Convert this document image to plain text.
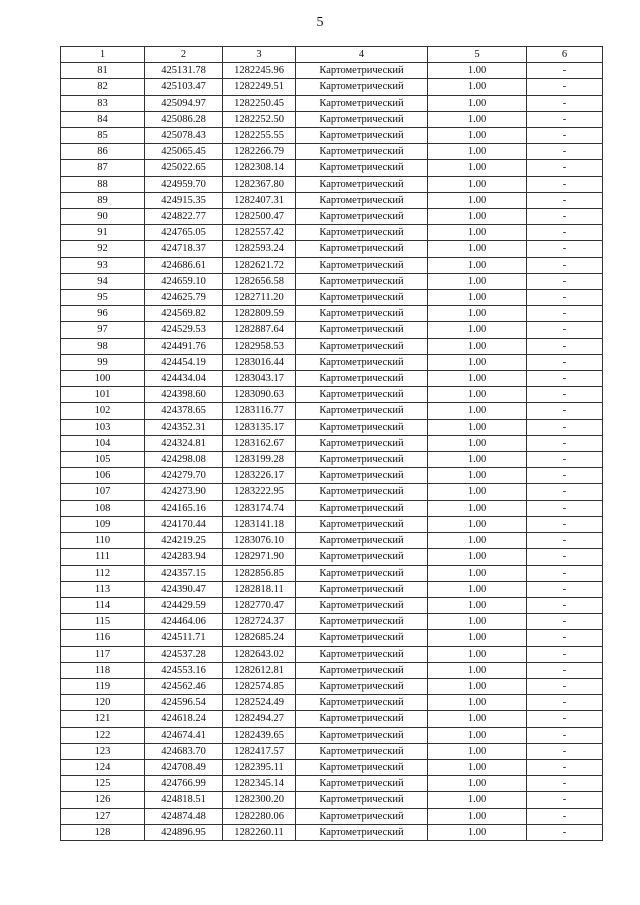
5
1	2	3	4	5	6
81	425131.78	1282245.96	Картометрический	1.00	-
82	425103.47	1282249.51	Картометрический	1.00	-
83	425094.97	1282250.45	Картометрический	1.00	-
84	425086.28	1282252.50	Картометрический	1.00	-
85	425078.43	1282255.55	Картометрический	1.00	-
86	425065.45	1282266.79	Картометрический	1.00	-
87	425022.65	1282308.14	Картометрический	1.00	-
88	424959.70	1282367.80	Картометрический	1.00	-
89	424915.35	1282407.31	Картометрический	1.00	-
90	424822.77	1282500.47	Картометрический	1.00	-
91	424765.05	1282557.42	Картометрический	1.00	-
92	424718.37	1282593.24	Картометрический	1.00	-
93	424686.61	1282621.72	Картометрический	1.00	-
94	424659.10	1282656.58	Картометрический	1.00	-
95	424625.79	1282711.20	Картометрический	1.00	-
96	424569.82	1282809.59	Картометрический	1.00	-
97	424529.53	1282887.64	Картометрический	1.00	-
98	424491.76	1282958.53	Картометрический	1.00	-
99	424454.19	1283016.44	Картометрический	1.00	-
100	424434.04	1283043.17	Картометрический	1.00	-
101	424398.60	1283090.63	Картометрический	1.00	-
102	424378.65	1283116.77	Картометрический	1.00	-
103	424352.31	1283135.17	Картометрический	1.00	-
104	424324.81	1283162.67	Картометрический	1.00	-
105	424298.08	1283199.28	Картометрический	1.00	-
106	424279.70	1283226.17	Картометрический	1.00	-
107	424273.90	1283222.95	Картометрический	1.00	-
108	424165.16	1283174.74	Картометрический	1.00	-
109	424170.44	1283141.18	Картометрический	1.00	-
110	424219.25	1283076.10	Картометрический	1.00	-
111	424283.94	1282971.90	Картометрический	1.00	-
112	424357.15	1282856.85	Картометрический	1.00	-
113	424390.47	1282818.11	Картометрический	1.00	-
114	424429.59	1282770.47	Картометрический	1.00	-
115	424464.06	1282724.37	Картометрический	1.00	-
116	424511.71	1282685.24	Картометрический	1.00	-
117	424537.28	1282643.02	Картометрический	1.00	-
118	424553.16	1282612.81	Картометрический	1.00	-
119	424562.46	1282574.85	Картометрический	1.00	-
120	424596.54	1282524.49	Картометрический	1.00	-
121	424618.24	1282494.27	Картометрический	1.00	-
122	424674.41	1282439.65	Картометрический	1.00	-
123	424683.70	1282417.57	Картометрический	1.00	-
124	424708.49	1282395.11	Картометрический	1.00	-
125	424766.99	1282345.14	Картометрический	1.00	-
126	424818.51	1282300.20	Картометрический	1.00	-
127	424874.48	1282280.06	Картометрический	1.00	-
128	424896.95	1282260.11	Картометрический	1.00	-
